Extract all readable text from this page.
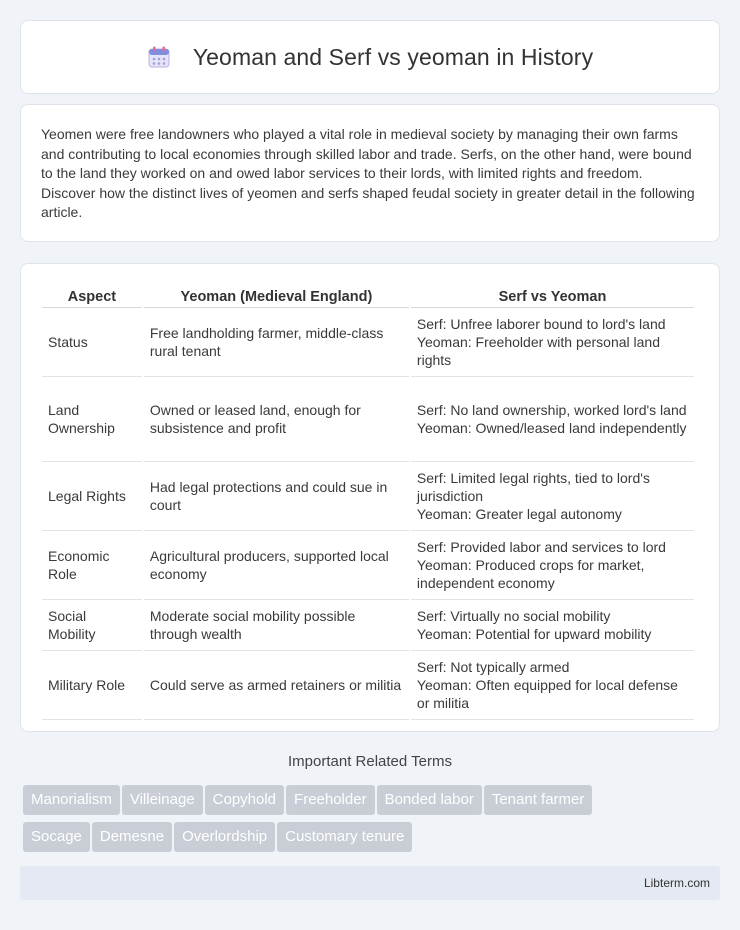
Yeoman and Serf vs yeoman in History

Yeomen were free landowners who played a vital role in medieval society by managing their own farms and contributing to local economies through skilled labor and trade. Serfs, on the other hand, were bound to the land they worked on and owed labor services to their lords, with limited rights and freedom. Discover how the distinct lives of yeomen and serfs shaped feudal society in greater detail in the following article.

Aspect	Yeoman (Medieval England)	Serf vs Yeoman
Status	Free landholding farmer, middle-class rural tenant	Serf: Unfree laborer bound to lord's land
Yeoman: Freeholder with personal land rights
Land Ownership	Owned or leased land, enough for subsistence and profit	Serf: No land ownership, worked lord's land
Yeoman: Owned/leased land independently
Legal Rights	Had legal protections and could sue in court	Serf: Limited legal rights, tied to lord's jurisdiction
Yeoman: Greater legal autonomy
Economic Role	Agricultural producers, supported local economy	Serf: Provided labor and services to lord
Yeoman: Produced crops for market, independent economy
Social Mobility	Moderate social mobility possible through wealth	Serf: Virtually no social mobility
Yeoman: Potential for upward mobility
Military Role	Could serve as armed retainers or militia	Serf: Not typically armed
Yeoman: Often equipped for local defense or militia
Important Related Terms
Manorialism Villeinage Copyhold Freeholder Bonded labor Tenant farmer
Socage Demesne Overlordship Customary tenure
Libterm.com
